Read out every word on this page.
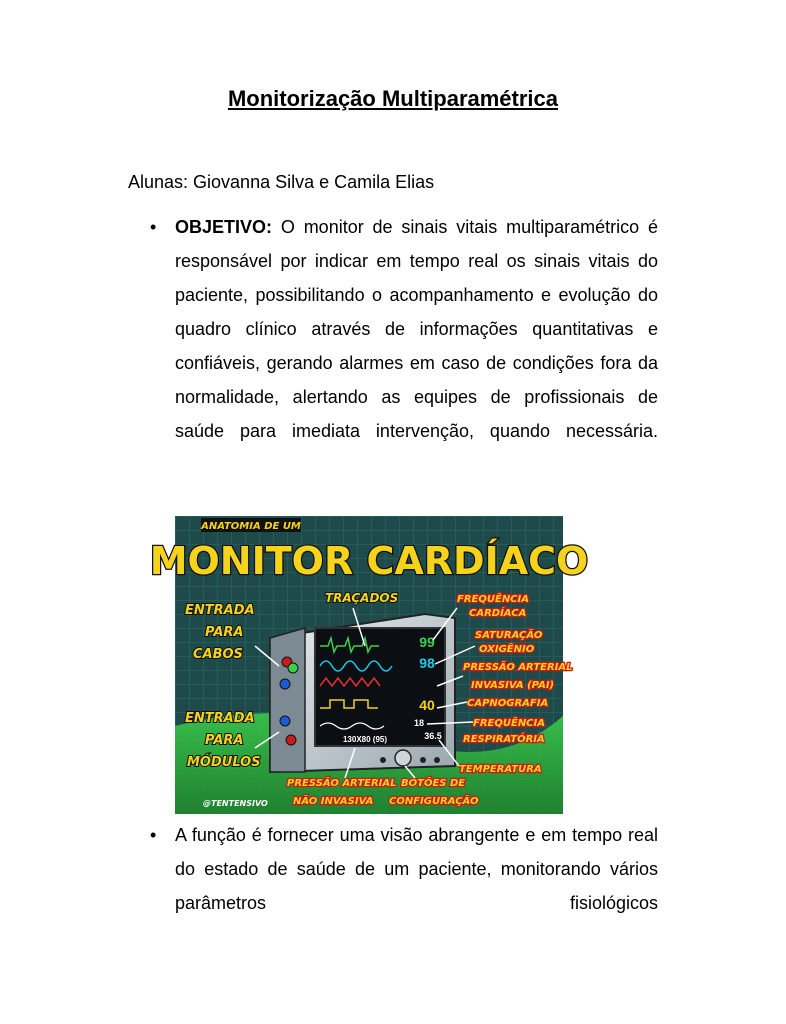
Monitorização Multiparamétrica

Alunas: Giovanna Silva e Camila Elias

•	OBJETIVO: O monitor de sinais vitais multiparamétrico é responsável por indicar em tempo real os sinais vitais do paciente, possibilitando o acompanhamento e evolução do quadro clínico através de informações quantitativas e confiáveis, gerando alarmes em caso de condições fora da normalidade, alertando as equipes de profissionais de saúde para imediata intervenção, quando necessária.
•	A função é fornecer uma visão abrangente e em tempo real do estado de saúde de um paciente, monitorando vários parâmetros fisiológicos
ANATOMIA DE UM
MONITOR CARDÍACO
99
98
40
18
36.5
130X80 (95)
ENTRADA
PARA
CABOS
ENTRADA
PARA
MÓDULOS
TRAÇADOS	FREQUÊNCIA
CARDÍACA
SATURAÇÃO
OXIGÊNIO
PRESSÃO ARTERIAL
INVASIVA (PAI)
CAPNOGRAFIA
FREQUÊNCIA
RESPIRATÓRIA
TEMPERATURA
PRESSÃO ARTERIAL
NÃO INVASIVA
BOTÕES DE
CONFIGURAÇÃO
@TENTENSIVO
